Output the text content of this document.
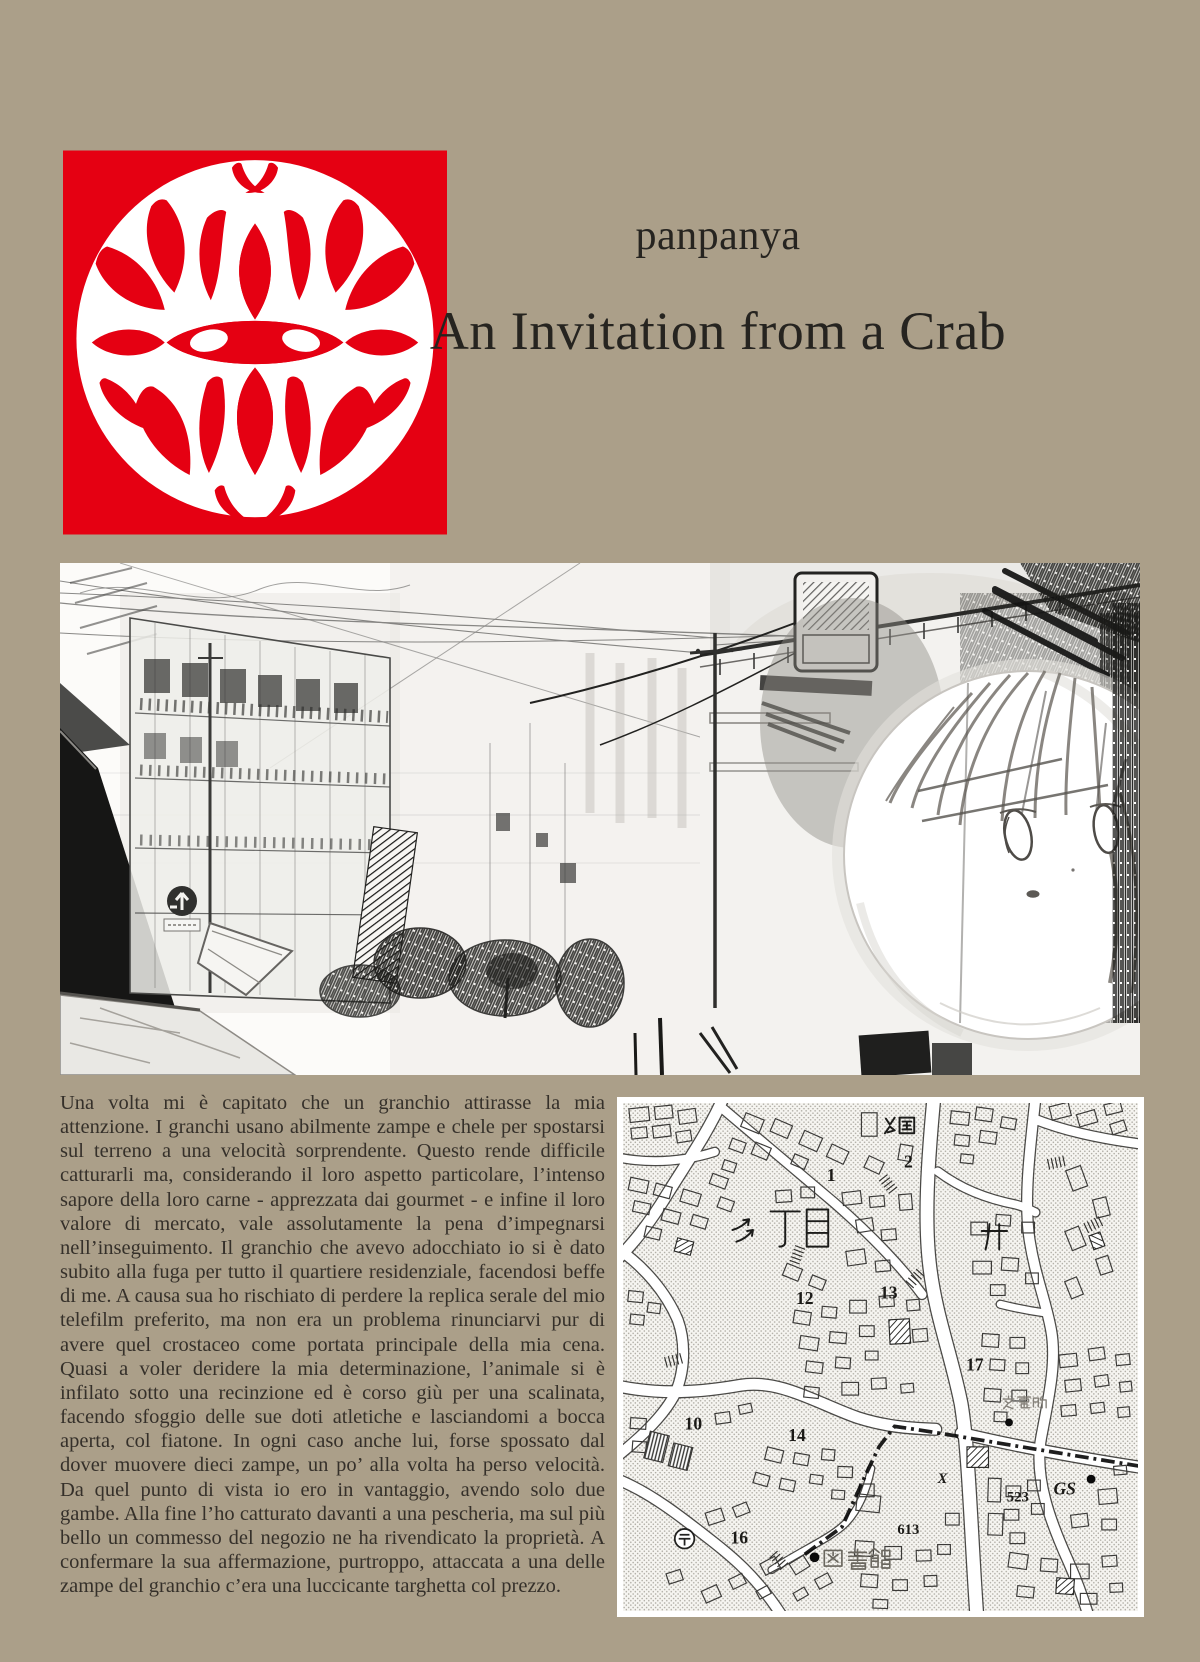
panpanya
An Invitation from a Crab

Una volta mi è capitato che un granchio attirasse la mia attenzione. I granchi usano abilmente zampe e chele per spostarsi sul terreno a una velocità sorprendente. Questo rende difficile catturarli ma, considerando il loro aspetto particolare, l’intenso sapore della loro carne - apprezzata dai gourmet - e infine il loro valore di mercato, vale assolutamente la pena d’impegnarsi nell’inseguimento. Il granchio che avevo adocchiato io si è dato subito alla fuga per tutto il quartiere residenziale, facendosi beffe di me. A causa sua ho rischiato di perdere la replica serale del mio telefilm preferito, ma non era un problema rinunciarvi pur di avere quel crostaceo come portata principale della mia cena. Quasi a voler deridere la mia determinazione, l’animale si è infilato sotto una recinzione ed è corso giù per una scalinata, facendo sfoggio delle sue doti atletiche e lasciandomi a bocca aperta, col fiatone. In ogni caso anche lui, forse spossato dal dover muovere dieci zampe, un po’ alla volta ha perso velocità. Da quel punto di vista io ero in vantaggio, avendo solo due gambe. Alla fine l’ho catturato davanti a una pescheria, ma sul più bello un commesso del negozio ne ha rivendicato la proprietà. A confermare la sua affermazione, purtroppo, attaccata a una delle zampe del granchio c’era una luccicante targhetta col prezzo.

2
1
13
12
17
10
14
16
523
613
X	GS
